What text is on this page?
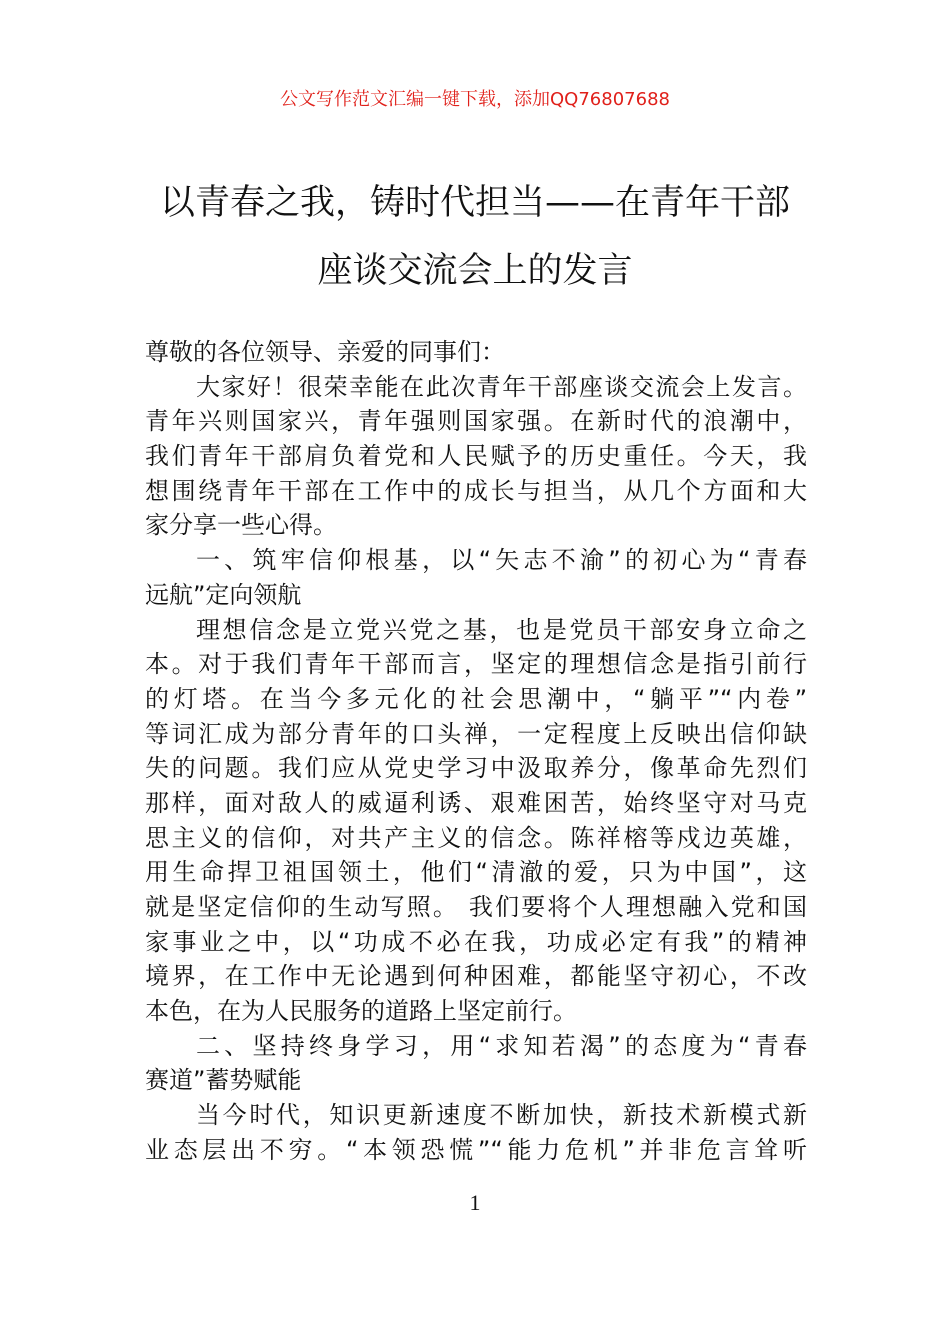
公文写作范文汇编一键下载，添加QQ76807688
以青春之我，铸时代担当——在青年干部
座谈交流会上的发言
尊敬的各位领导、亲爱的同事们：
大家好！很荣幸能在此次青年干部座谈交流会上发言。
青年兴则国家兴，青年强则国家强。在新时代的浪潮中，
我们青年干部肩负着党和人民赋予的历史重任。今天，我
想围绕青年干部在工作中的成长与担当，从几个方面和大
家分享一些心得。
一、筑牢信仰根基，以“矢志不渝”的初心为“青春
远航”定向领航
理想信念是立党兴党之基，也是党员干部安身立命之
本。对于我们青年干部而言，坚定的理想信念是指引前行
的灯塔。在当今多元化的社会思潮中，“躺平”“内卷”
等词汇成为部分青年的口头禅，一定程度上反映出信仰缺
失的问题。我们应从党史学习中汲取养分，像革命先烈们
那样，面对敌人的威逼利诱、艰难困苦，始终坚守对马克
思主义的信仰，对共产主义的信念。陈祥榕等戍边英雄，
用生命捍卫祖国领土，他们“清澈的爱，只为中国”，这
就是坚定信仰的生动写照。 我们要将个人理想融入党和国
家事业之中，以“功成不必在我，功成必定有我”的精神
境界，在工作中无论遇到何种困难，都能坚守初心，不改
本色，在为人民服务的道路上坚定前行。
二、坚持终身学习，用“求知若渴”的态度为“青春
赛道”蓄势赋能
当今时代，知识更新速度不断加快，新技术新模式新
业态层出不穷。“本领恐慌”“能力危机”并非危言耸听
1
